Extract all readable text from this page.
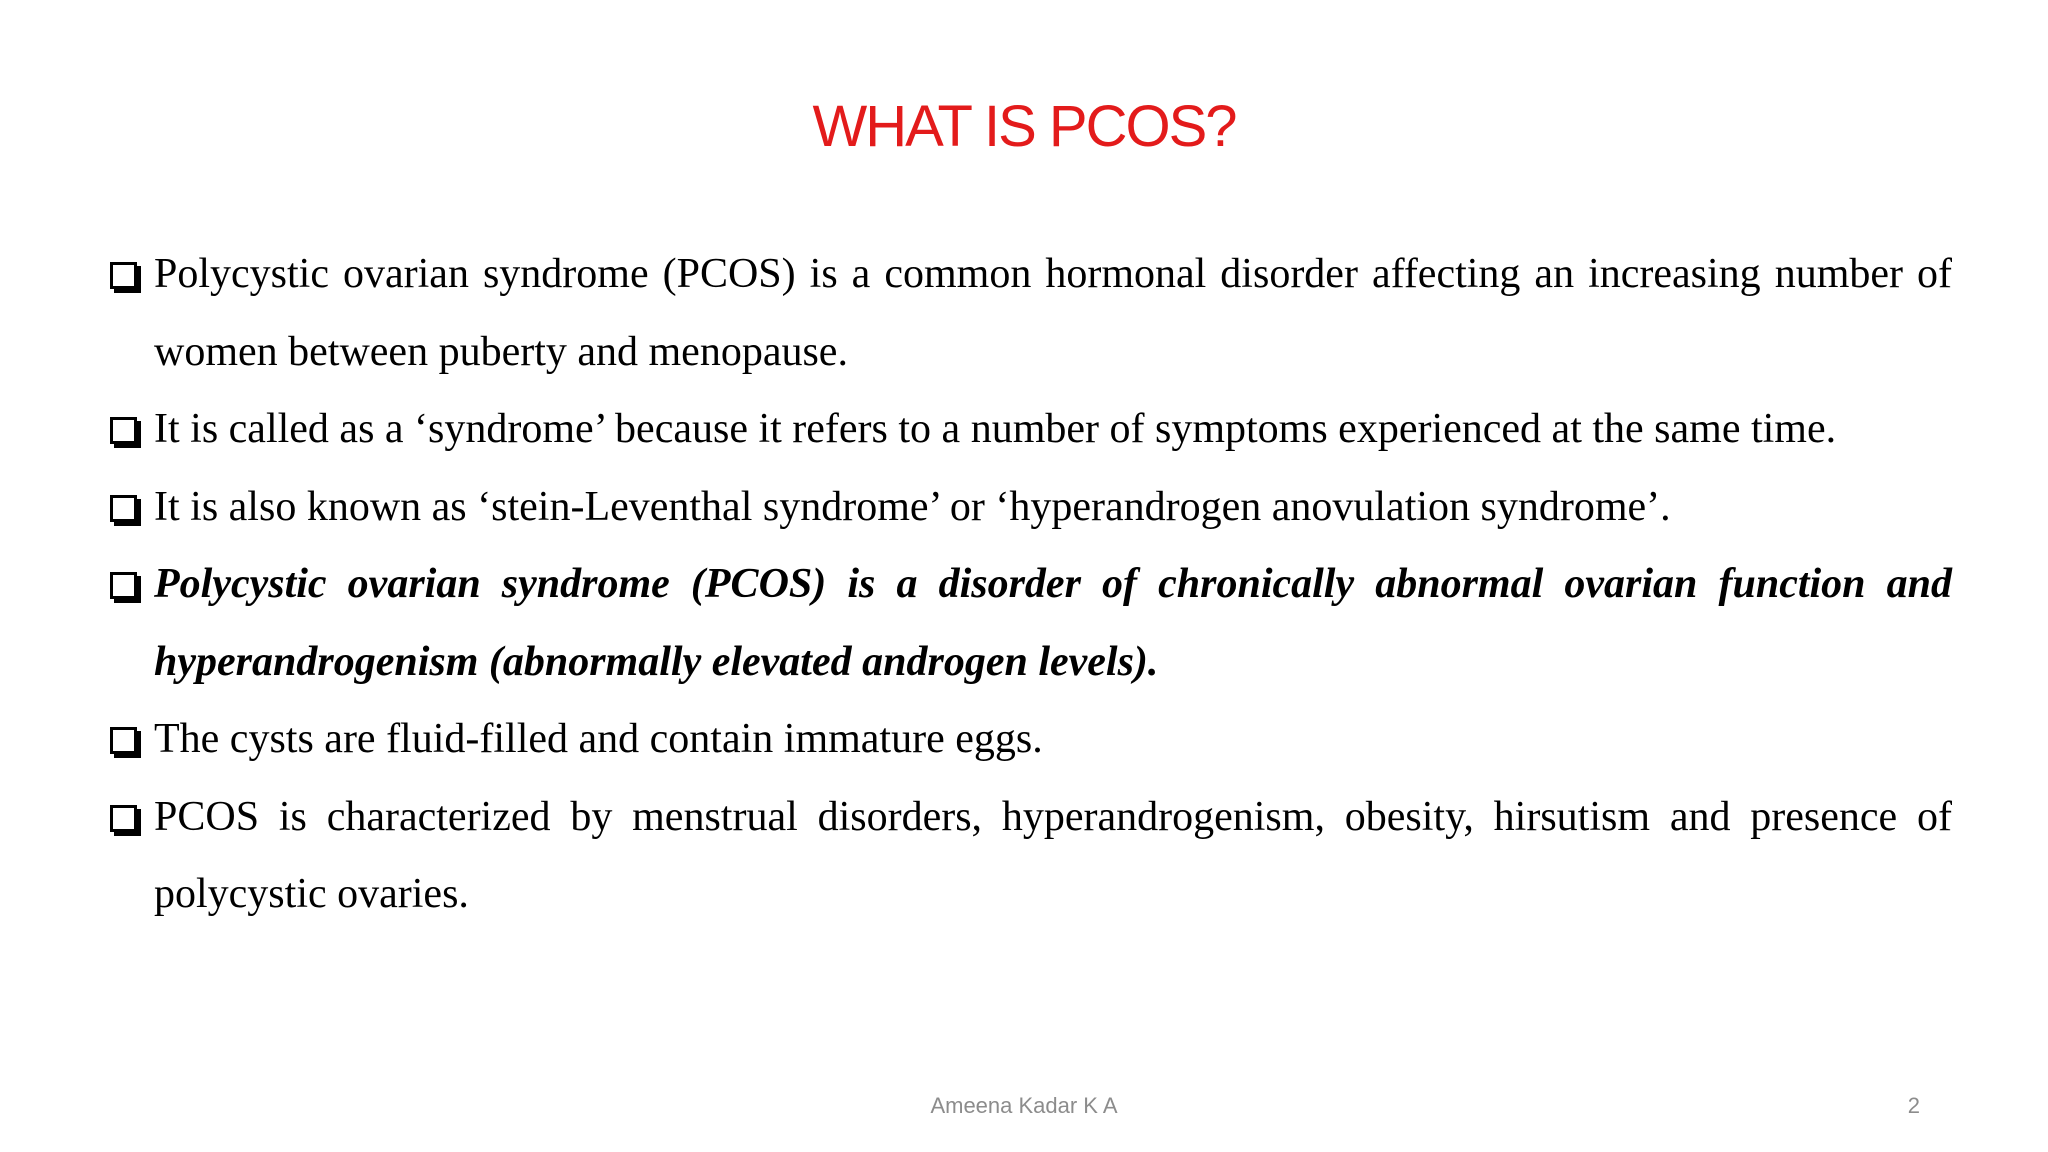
WHAT IS PCOS?

Polycystic ovarian syndrome (PCOS) is a common hormonal disorder affecting an increasing number of women between puberty and menopause.

It is called as a ‘syndrome’ because it refers to a number of symptoms experienced at the same time.

It is also known as ‘stein-Leventhal syndrome’ or ‘hyperandrogen anovulation syndrome’.

Polycystic ovarian syndrome (PCOS) is a disorder of chronically abnormal ovarian function and hyperandrogenism (abnormally elevated androgen levels).

The cysts are fluid-filled and contain immature eggs.

PCOS is characterized by menstrual disorders, hyperandrogenism, obesity, hirsutism and presence of polycystic ovaries.

Ameena Kadar K A	2
